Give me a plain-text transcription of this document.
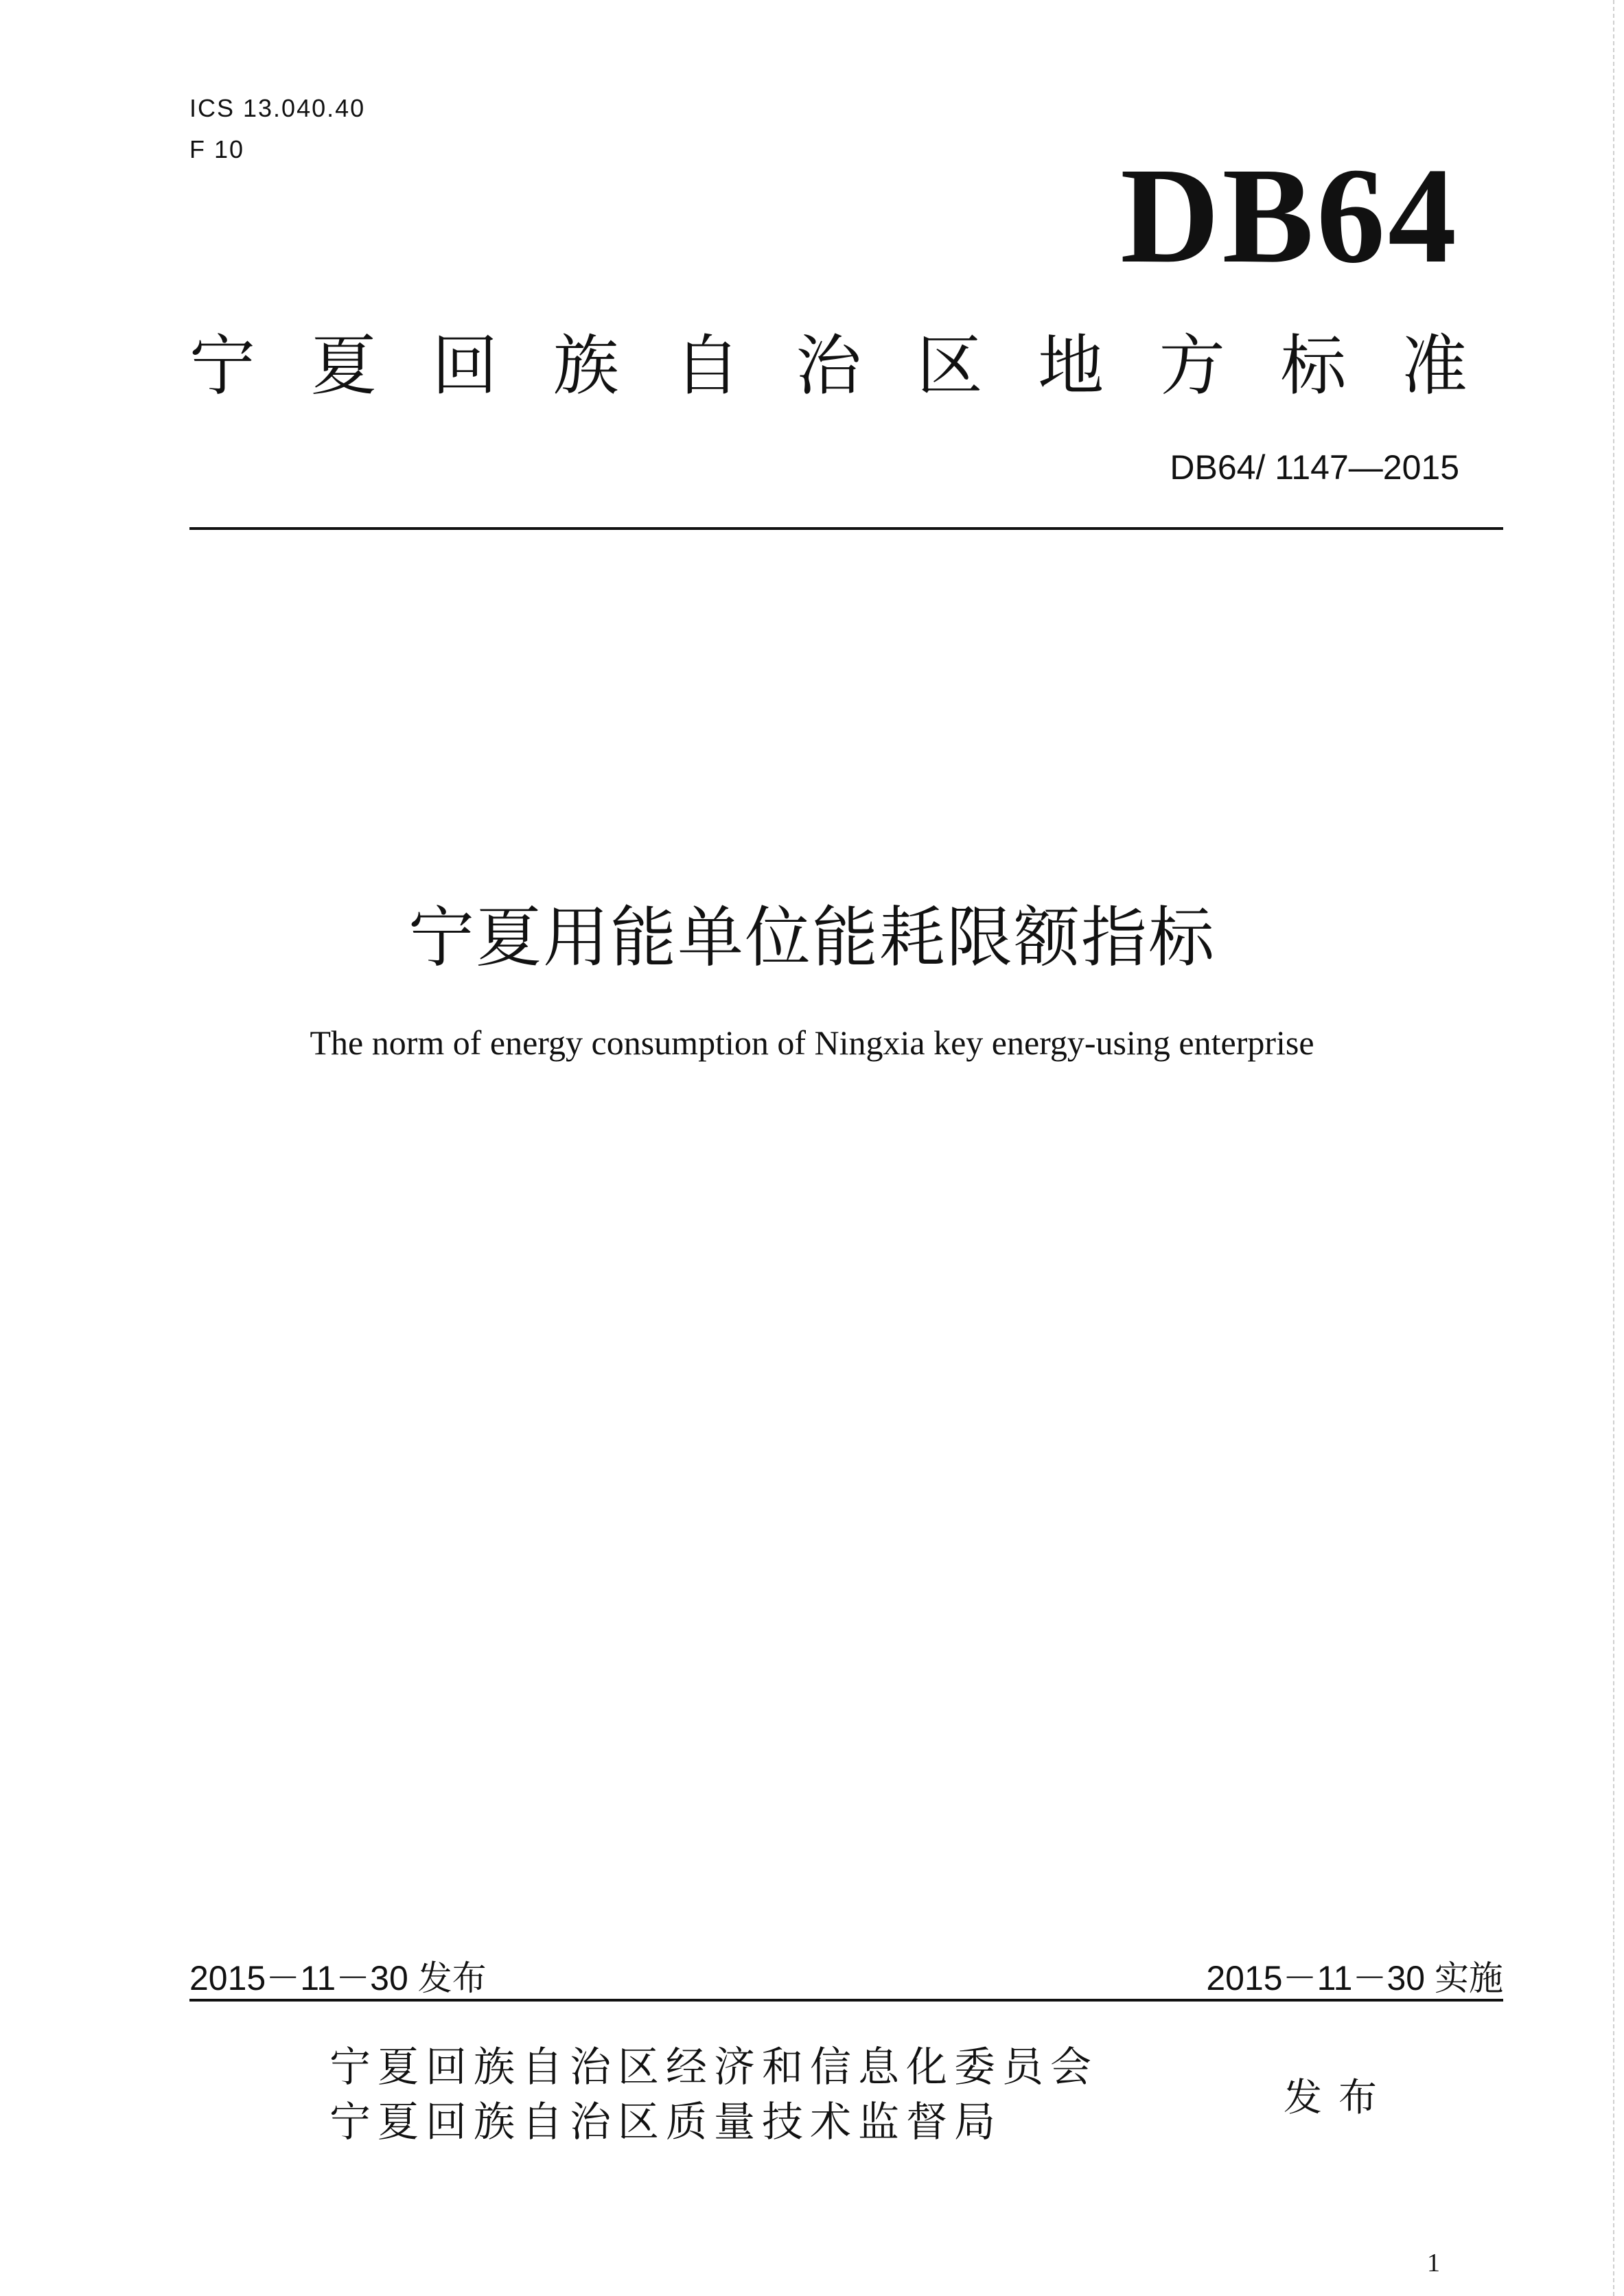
ICS 13.040.40
F 10	DB64
宁 夏 回 族 自 治 区 地 方 标 准
DB64/ 1147—2015
宁夏用能单位能耗限额指标
The norm of energy consumption of Ningxia key energy-using enterprise
2015－11－30 发布	2015－11－30 实施
宁夏回族自治区经济和信息化委员会
宁夏回族自治区质量技术监督局
发布
1
